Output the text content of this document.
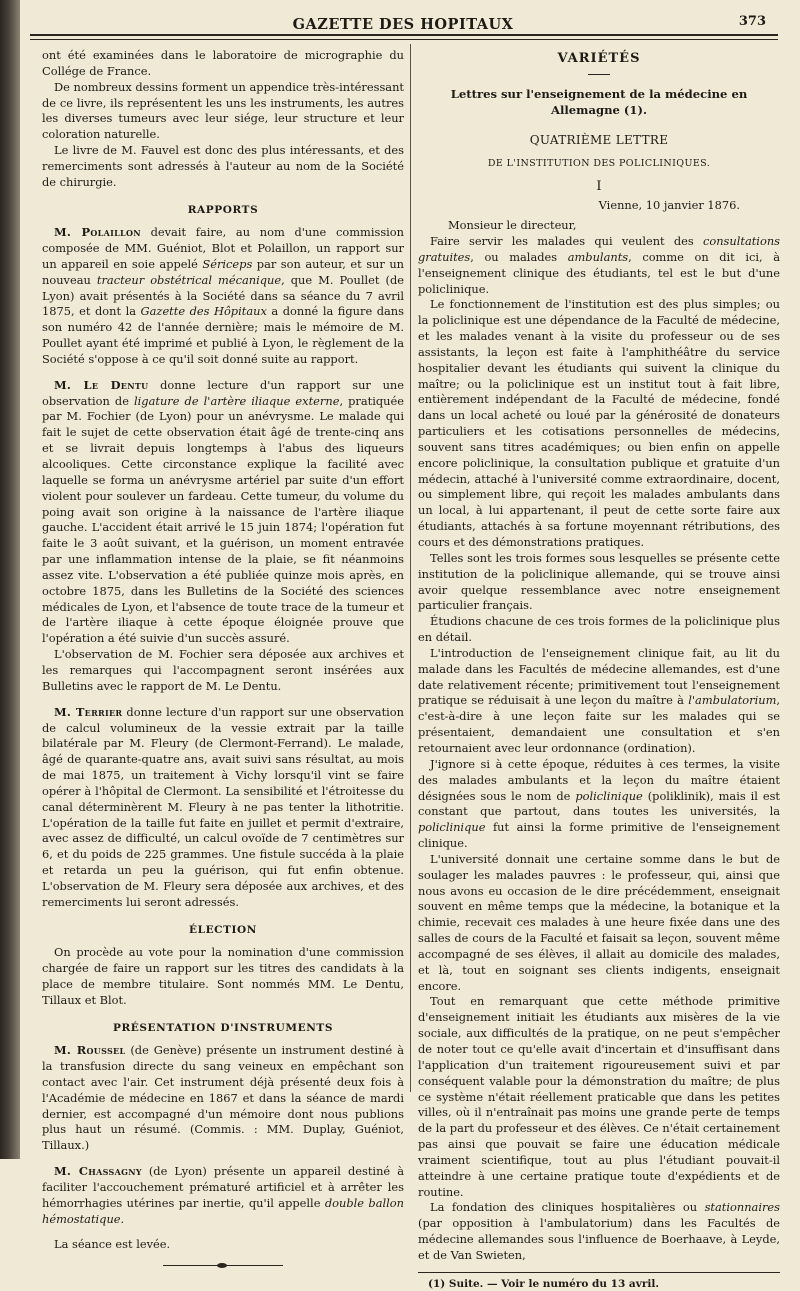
GAZETTE DES HOPITAUX	373

ont été examinées dans le laboratoire de micrographie du Collége de France.

De nombreux dessins forment un appendice très-intéressant de ce livre, ils représentent les uns les instruments, les autres les diverses tumeurs avec leur siége, leur structure et leur coloration naturelle.

Le livre de M. Fauvel est donc des plus intéressants, et des remerciments sont adressés à l'auteur au nom de la Société de chirurgie.

RAPPORTS

M. Polaillon devait faire, au nom d'une commission composée de MM. Guéniot, Blot et Polaillon, un rapport sur un appareil en soie appelé Sériceps par son auteur, et sur un nouveau tracteur obstétrical mécanique, que M. Poullet (de Lyon) avait présentés à la Société dans sa séance du 7 avril 1875, et dont la Gazette des Hôpitaux a donné la figure dans son numéro 42 de l'année dernière; mais le mémoire de M. Poullet ayant été imprimé et publié à Lyon, le règlement de la Société s'oppose à ce qu'il soit donné suite au rapport.

M. Le Dentu donne lecture d'un rapport sur une observation de ligature de l'artère iliaque externe, pratiquée par M. Fochier (de Lyon) pour un anévrysme. Le malade qui fait le sujet de cette observation était âgé de trente-cinq ans et se livrait depuis longtemps à l'abus des liqueurs alcooliques. Cette circonstance explique la facilité avec laquelle se forma un anévrysme artériel par suite d'un effort violent pour soulever un fardeau. Cette tumeur, du volume du poing avait son origine à la naissance de l'artère iliaque gauche. L'accident était arrivé le 15 juin 1874; l'opération fut faite le 3 août suivant, et la guérison, un moment entravée par une inflammation intense de la plaie, se fit néanmoins assez vite. L'observation a été publiée quinze mois après, en octobre 1875, dans les Bulletins de la Société des sciences médicales de Lyon, et l'absence de toute trace de la tumeur et de l'artère iliaque à cette époque éloignée prouve que l'opération a été suivie d'un succès assuré.

L'observation de M. Fochier sera déposée aux archives et les remarques qui l'accompagnent seront insérées aux Bulletins avec le rapport de M. Le Dentu.

M. Terrier donne lecture d'un rapport sur une observation de calcul volumineux de la vessie extrait par la taille bilatérale par M. Fleury (de Clermont-Ferrand). Le malade, âgé de quarante-quatre ans, avait suivi sans résultat, au mois de mai 1875, un traitement à Vichy lorsqu'il vint se faire opérer à l'hôpital de Clermont. La sensibilité et l'étroitesse du canal déterminèrent M. Fleury à ne pas tenter la lithotritie. L'opération de la taille fut faite en juillet et permit d'extraire, avec assez de difficulté, un calcul ovoïde de 7 centimètres sur 6, et du poids de 225 grammes. Une fistule succéda à la plaie et retarda un peu la guérison, qui fut enfin obtenue. L'observation de M. Fleury sera déposée aux archives, et des remerciments lui seront adressés.

ÉLECTION

On procède au vote pour la nomination d'une commission chargée de faire un rapport sur les titres des candidats à la place de membre titulaire. Sont nommés MM. Le Dentu, Tillaux et Blot.

PRÉSENTATION D'INSTRUMENTS

M. Roussel (de Genève) présente un instrument destiné à la transfusion directe du sang veineux en empêchant son contact avec l'air. Cet instrument déjà présenté deux fois à l'Académie de médecine en 1867 et dans la séance de mardi dernier, est accompagné d'un mémoire dont nous publions plus haut un résumé. (Commis. : MM. Duplay, Guéniot, Tillaux.)

M. Chassagny (de Lyon) présente un appareil destiné à faciliter l'accouchement prématuré artificiel et à arrêter les hémorrhagies utérines par inertie, qu'il appelle double ballon hémostatique.

La séance est levée.

VARIÉTÉS
Lettres sur l'enseignement de la médecine en Allemagne (1).
QUATRIÈME LETTRE
DE L'INSTITUTION DES POLICLINIQUES.
I
Vienne, 10 janvier 1876.

Monsieur le directeur,

Faire servir les malades qui veulent des consultations gratuites, ou malades ambulants, comme on dit ici, à l'enseignement clinique des étudiants, tel est le but d'une policlinique.

Le fonctionnement de l'institution est des plus simples; ou la policlinique est une dépendance de la Faculté de médecine, et les malades venant à la visite du professeur ou de ses assistants, la leçon est faite à l'amphithéâtre du service hospitalier devant les étudiants qui suivent la clinique du maître; ou la policlinique est un institut tout à fait libre, entièrement indépendant de la Faculté de médecine, fondé dans un local acheté ou loué par la générosité de donateurs particuliers et les cotisations personnelles de médecins, souvent sans titres académiques; ou bien enfin on appelle encore policlinique, la consultation publique et gratuite d'un médecin, attaché à l'université comme extraordinaire, docent, ou simplement libre, qui reçoit les malades ambulants dans un local, à lui appartenant, il peut de cette sorte faire aux étudiants, attachés à sa fortune moyennant rétributions, des cours et des démonstrations pratiques.

Telles sont les trois formes sous lesquelles se présente cette institution de la policlinique allemande, qui se trouve ainsi avoir quelque ressemblance avec notre enseignement particulier français.

Étudions chacune de ces trois formes de la policlinique plus en détail.

L'introduction de l'enseignement clinique fait, au lit du malade dans les Facultés de médecine allemandes, est d'une date relativement récente; primitivement tout l'enseignement pratique se réduisait à une leçon du maître à l'ambulatorium, c'est-à-dire à une leçon faite sur les malades qui se présentaient, demandaient une consultation et s'en retournaient avec leur ordonnance (ordination).

J'ignore si à cette époque, réduites à ces termes, la visite des malades ambulants et la leçon du maître étaient désignées sous le nom de policlinique (poliklinik), mais il est constant que partout, dans toutes les universités, la policlinique fut ainsi la forme primitive de l'enseignement clinique.

L'université donnait une certaine somme dans le but de soulager les malades pauvres : le professeur, qui, ainsi que nous avons eu occasion de le dire précédemment, enseignait souvent en même temps que la médecine, la botanique et la chimie, recevait ces malades à une heure fixée dans une des salles de cours de la Faculté et faisait sa leçon, souvent même accompagné de ses élèves, il allait au domicile des malades, et là, tout en soignant ses clients indigents, enseignait encore.

Tout en remarquant que cette méthode primitive d'enseignement initiait les étudiants aux misères de la vie sociale, aux difficultés de la pratique, on ne peut s'empêcher de noter tout ce qu'elle avait d'incertain et d'insuffisant dans l'application d'un traitement rigoureusement suivi et par conséquent valable pour la démonstration du maître; de plus ce système n'était réellement praticable que dans les petites villes, où il n'entraînait pas moins une grande perte de temps de la part du professeur et des élèves. Ce n'était certainement pas ainsi que pouvait se faire une éducation médicale vraiment scientifique, tout au plus l'étudiant pouvait-il atteindre à une certaine pratique toute d'expédients et de routine.

La fondation des cliniques hospitalières ou stationnaires (par opposition à l'ambulatorium) dans les Facultés de médecine allemandes sous l'influence de Boerhaave, à Leyde, et de Van Swieten,

(1) Suite. — Voir le numéro du 13 avril.
